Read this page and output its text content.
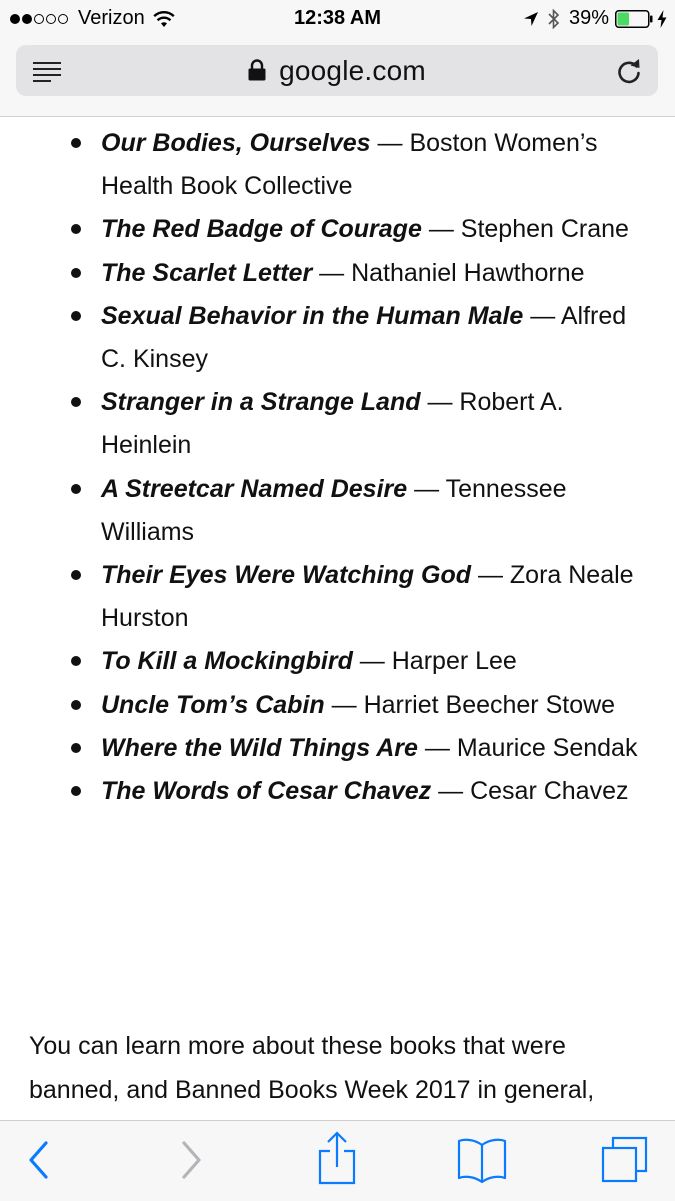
Verizon	12:38 AM	39%
google.com
Our Bodies, Ourselves — Boston Women’s Health Book Collective
The Red Badge of Courage — Stephen Crane
The Scarlet Letter — Nathaniel Hawthorne
Sexual Behavior in the Human Male — Alfred C. Kinsey
Stranger in a Strange Land — Robert A. Heinlein
A Streetcar Named Desire — Tennessee Williams
Their Eyes Were Watching God — Zora Neale Hurston
To Kill a Mockingbird — Harper Lee
Uncle Tom’s Cabin — Harriet Beecher Stowe
Where the Wild Things Are — Maurice Sendak
The Words of Cesar Chavez — Cesar Chavez

You can learn more about these books that were banned, and Banned Books Week 2017 in general,
